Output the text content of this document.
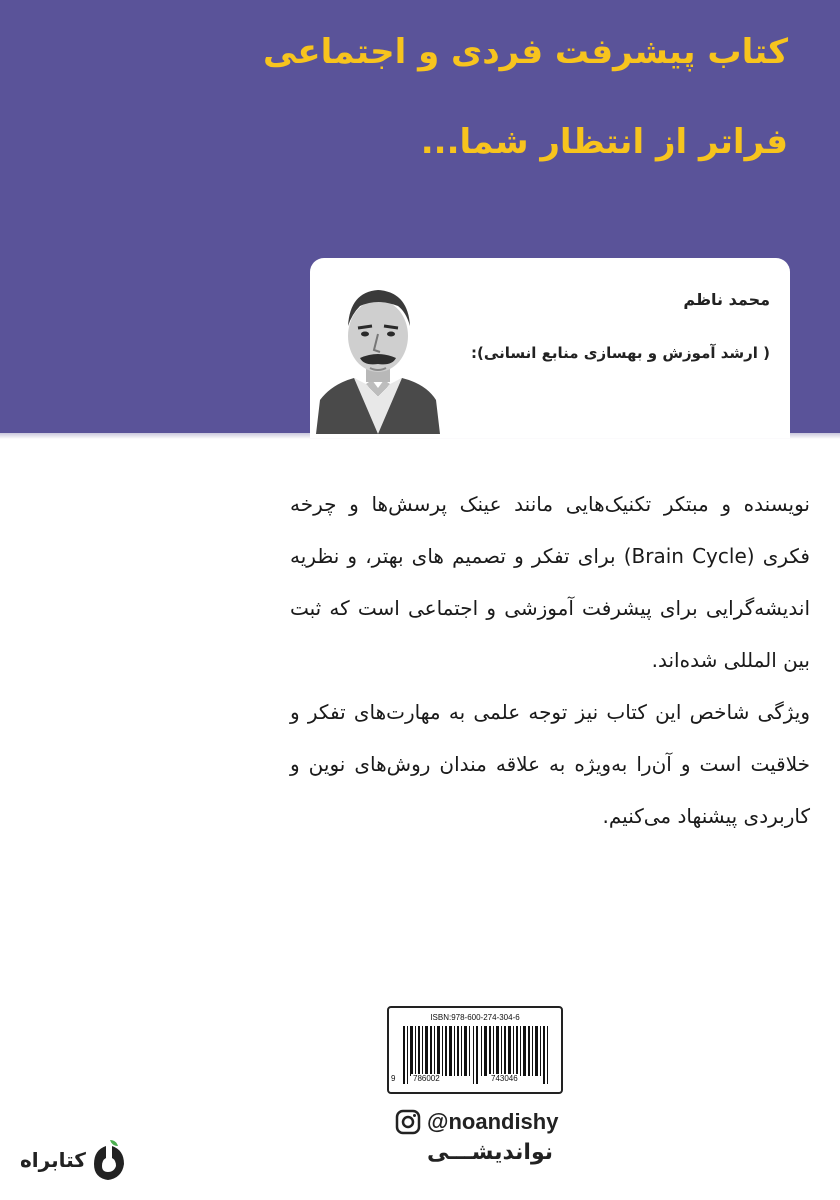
کتاب پیشرفت فردی و اجتماعی
فراتر از انتظار شما...
محمد ناظم
( ارشد آموزش و بهسازی منابع انسانی):

نویسنده و مبتکر تکنیک‌هایی مانند عینک پرسش‌ها و چرخه فکری (Brain Cycle) برای تفکر و تصمیم های بهتر، و نظریه اندیشه‌گرایی برای پیشرفت آموزشی و اجتماعی است که ثبت بین المللی شده‌اند.

ویژگی شاخص این کتاب نیز توجه علمی به مهارت‌های تفکر و خلاقیت است و آن‌را به‌ویژه به علاقه مندان روش‌های نوین و کاربردی پیشنهاد می‌کنیم.

ISBN:978-600-274-304-6
9 786002	743046
@noandishy
نواندیشـــی
کتابراه
